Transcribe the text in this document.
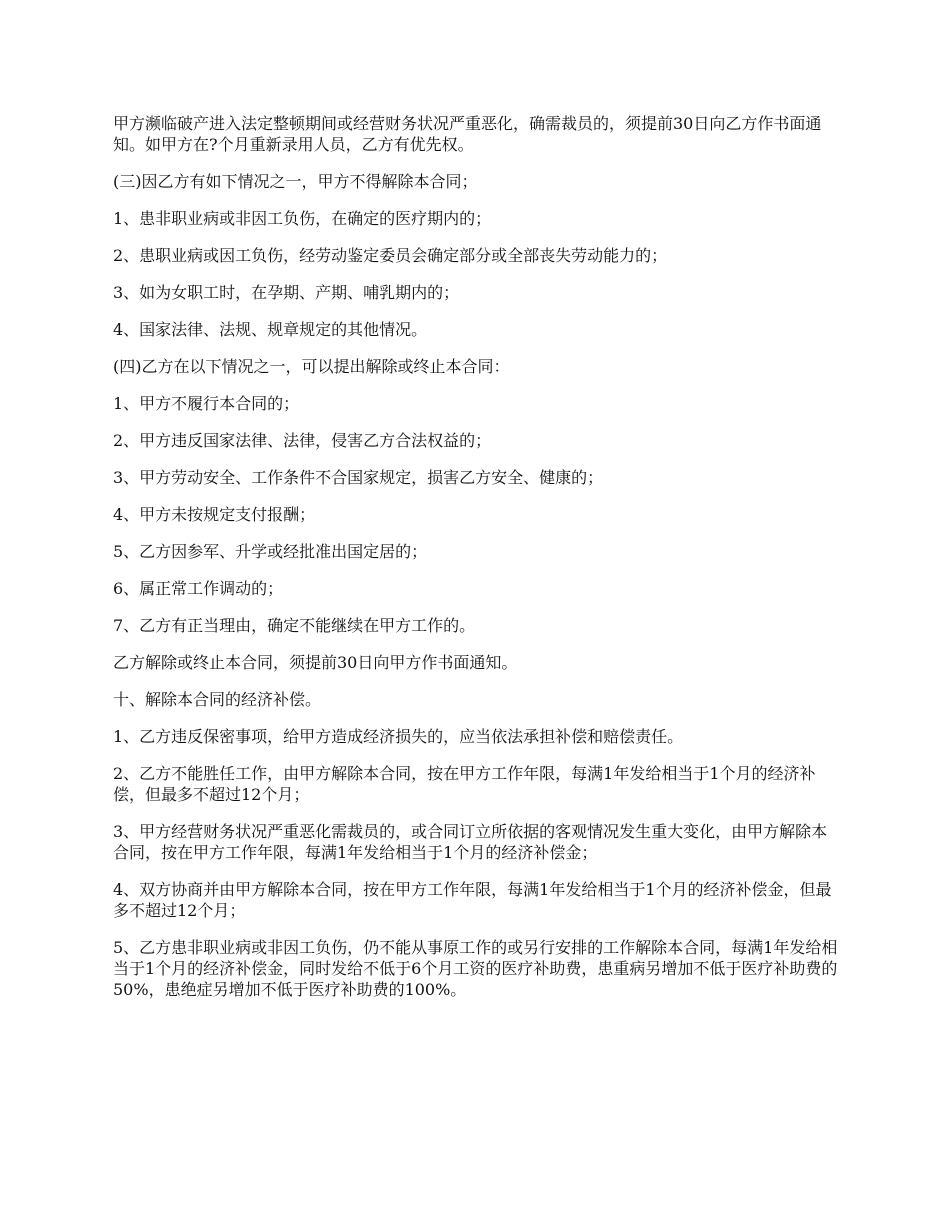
甲方濒临破产进入法定整顿期间或经营财务状况严重恶化，确需裁员的，须提前30日向乙方作书面通知。如甲方在?个月重新录用人员，乙方有优先权。

(三)因乙方有如下情况之一，甲方不得解除本合同；

1、患非职业病或非因工负伤，在确定的医疗期内的；

2、患职业病或因工负伤，经劳动鉴定委员会确定部分或全部丧失劳动能力的；

3、如为女职工时，在孕期、产期、哺乳期内的；

4、国家法律、法规、规章规定的其他情况。

(四)乙方在以下情况之一，可以提出解除或终止本合同：

1、甲方不履行本合同的；

2、甲方违反国家法律、法律，侵害乙方合法权益的；

3、甲方劳动安全、工作条件不合国家规定，损害乙方安全、健康的；

4、甲方未按规定支付报酬；

5、乙方因参军、升学或经批准出国定居的；

6、属正常工作调动的；

7、乙方有正当理由，确定不能继续在甲方工作的。

乙方解除或终止本合同，须提前30日向甲方作书面通知。

十、解除本合同的经济补偿。

1、乙方违反保密事项，给甲方造成经济损失的，应当依法承担补偿和赔偿责任。

2、乙方不能胜任工作，由甲方解除本合同，按在甲方工作年限，每满1年发给相当于1个月的经济补偿，但最多不超过12个月；

3、甲方经营财务状况严重恶化需裁员的，或合同订立所依据的客观情况发生重大变化，由甲方解除本合同，按在甲方工作年限，每满1年发给相当于1个月的经济补偿金；

4、双方协商并由甲方解除本合同，按在甲方工作年限，每满1年发给相当于1个月的经济补偿金，但最多不超过12个月；

5、乙方患非职业病或非因工负伤，仍不能从事原工作的或另行安排的工作解除本合同，每满1年发给相当于1个月的经济补偿金，同时发给不低于6个月工资的医疗补助费，患重病另增加不低于医疗补助费的50%，患绝症另增加不低于医疗补助费的100%。
